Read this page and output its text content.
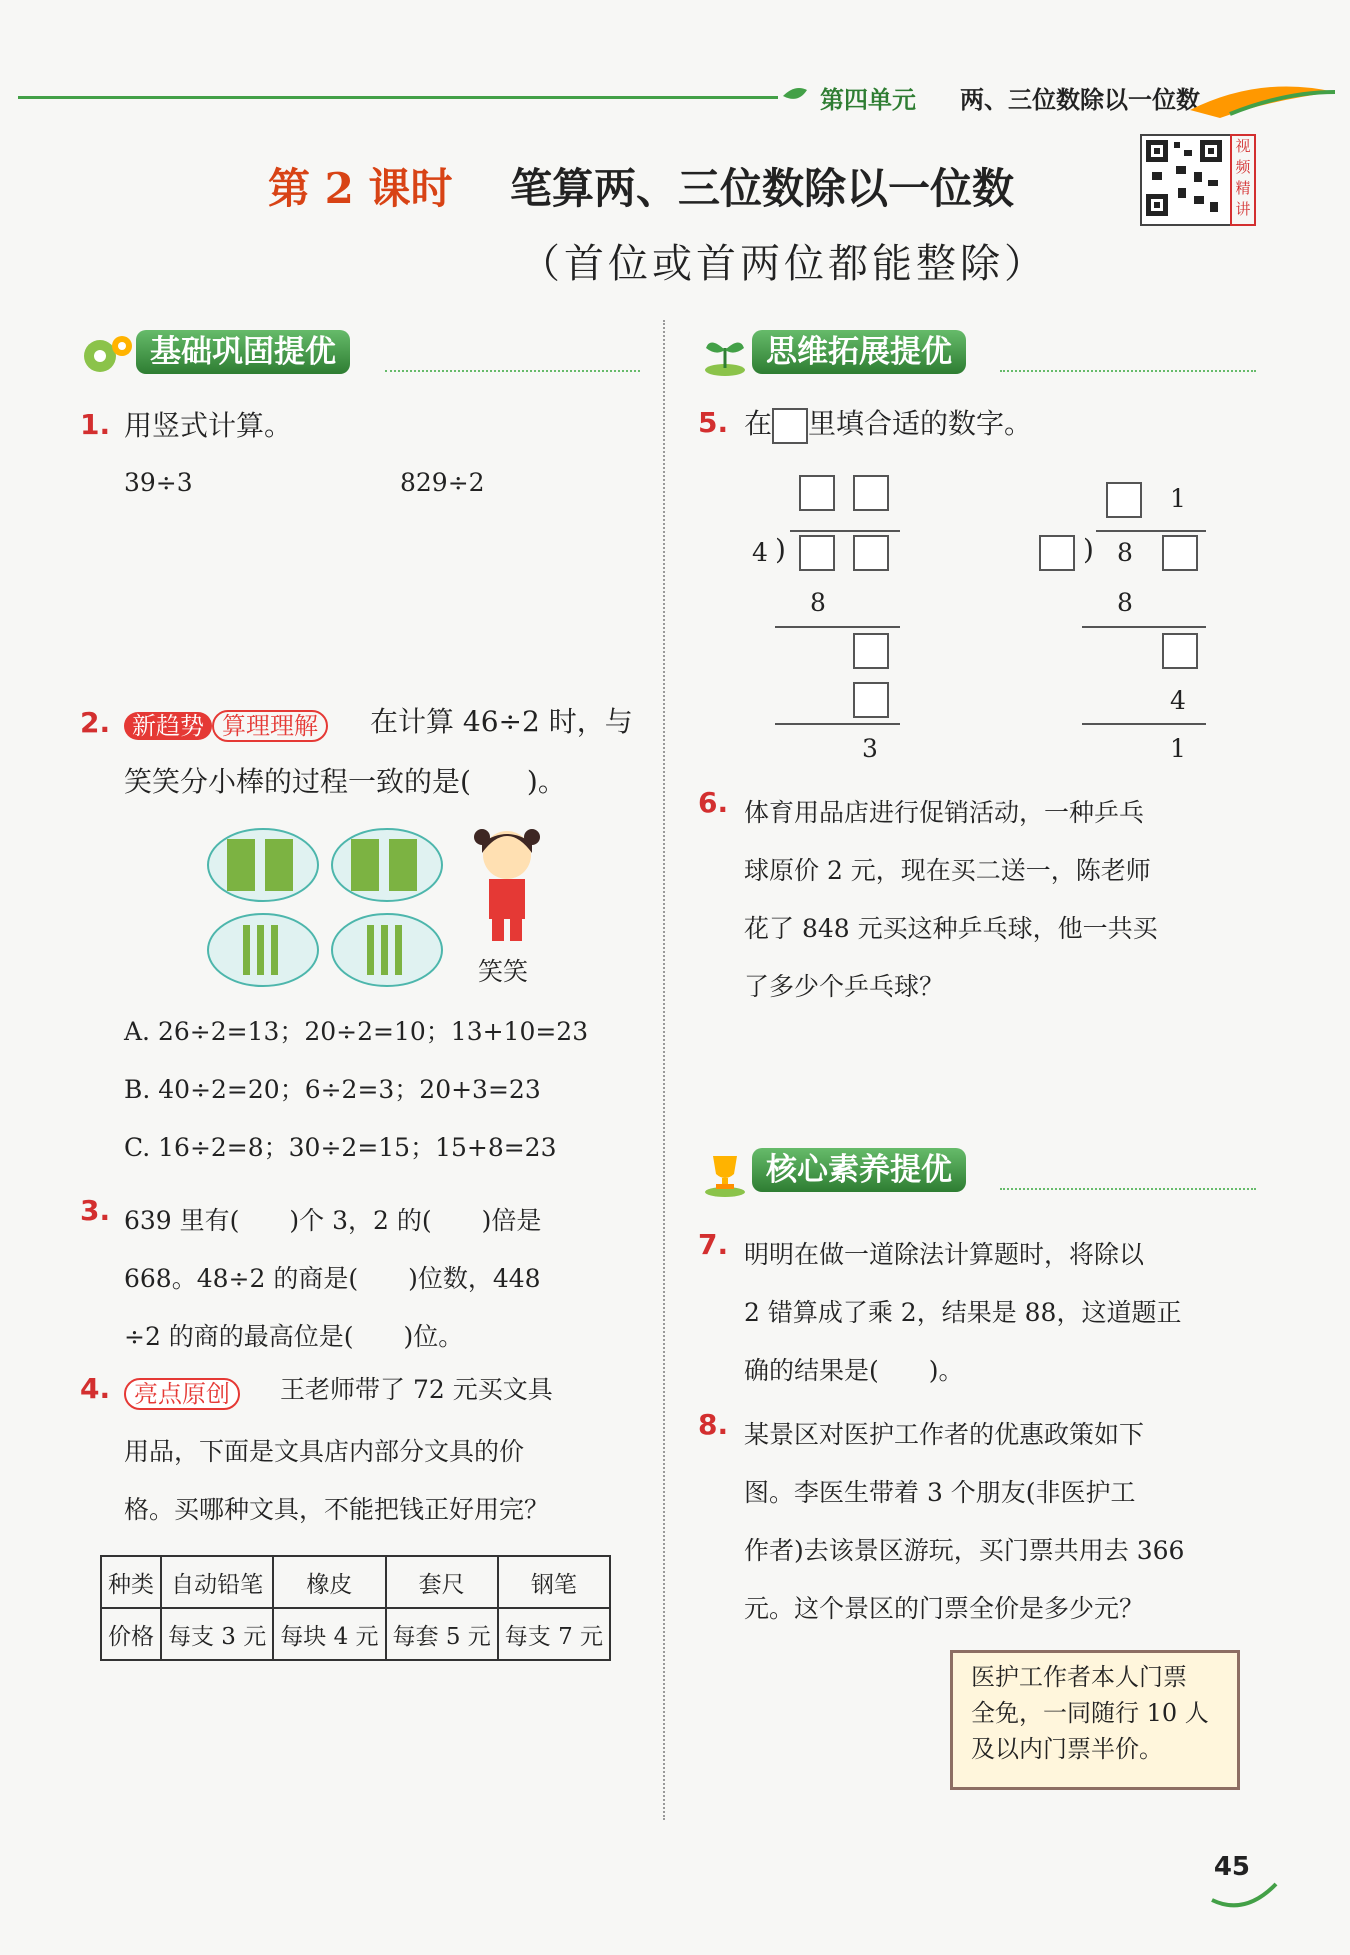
第四单元 两、三位数除以一位数
第 2 课时 笔算两、三位数除以一位数
（首位或首两位都能整除）
视频精讲
基础巩固提优
1. 用竖式计算。
39÷3	829÷2
2. 新趋势 算理理解	在计算 46÷2 时，与
笑笑分小棒的过程一致的是(　　)。
笑笑
A. 26÷2=13；20÷2=10；13+10=23
B. 40÷2=20；6÷2=3；20+3=23
C. 16÷2=8；30÷2=15；15+8=23
3. 639 里有(　　)个 3，2 的(　　)倍是
668。48÷2 的商是(　　)位数，448
÷2 的商的最高位是(　　)位。
4. 亮点原创	王老师带了 72 元买文具
用品，下面是文具店内部分文具的价
格。买哪种文具，不能把钱正好用完？
种类	自动铅笔	橡皮	套尺	钢笔
价格	每支 3 元	每块 4 元	每套 5 元	每支 7 元
思维拓展提优
5. 在 里填合适的数字。
4 )
8
3
1
) 8
8
4
1
6. 体育用品店进行促销活动，一种乒乓
球原价 2 元，现在买二送一，陈老师
花了 848 元买这种乒乓球，他一共买
了多少个乒乓球？
核心素养提优
7. 明明在做一道除法计算题时，将除以
2 错算成了乘 2，结果是 88，这道题正
确的结果是(　　)。
8. 某景区对医护工作者的优惠政策如下
图。李医生带着 3 个朋友(非医护工
作者)去该景区游玩，买门票共用去 366
元。这个景区的门票全价是多少元？
医护工作者本人门票
全免，一同随行 10 人
及以内门票半价。
45
